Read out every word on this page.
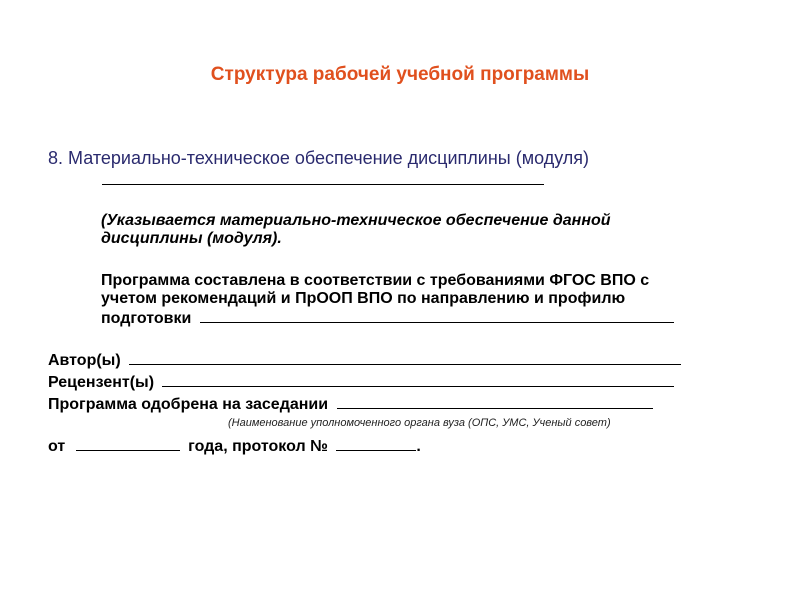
Структура рабочей учебной программы
8. Материально-техническое обеспечение дисциплины (модуля)
(Указывается материально-техническое обеспечение данной
дисциплины (модуля).
Программа составлена в соответствии с требованиями ФГОС ВПО с
учетом рекомендаций и ПрООП ВПО по направлению и профилю
подготовки
Автор(ы)
Рецензент(ы)
Программа одобрена на заседании
(Наименование уполномоченного органа вуза (ОПС, УМС, Ученый совет)
от	года, протокол №	.
